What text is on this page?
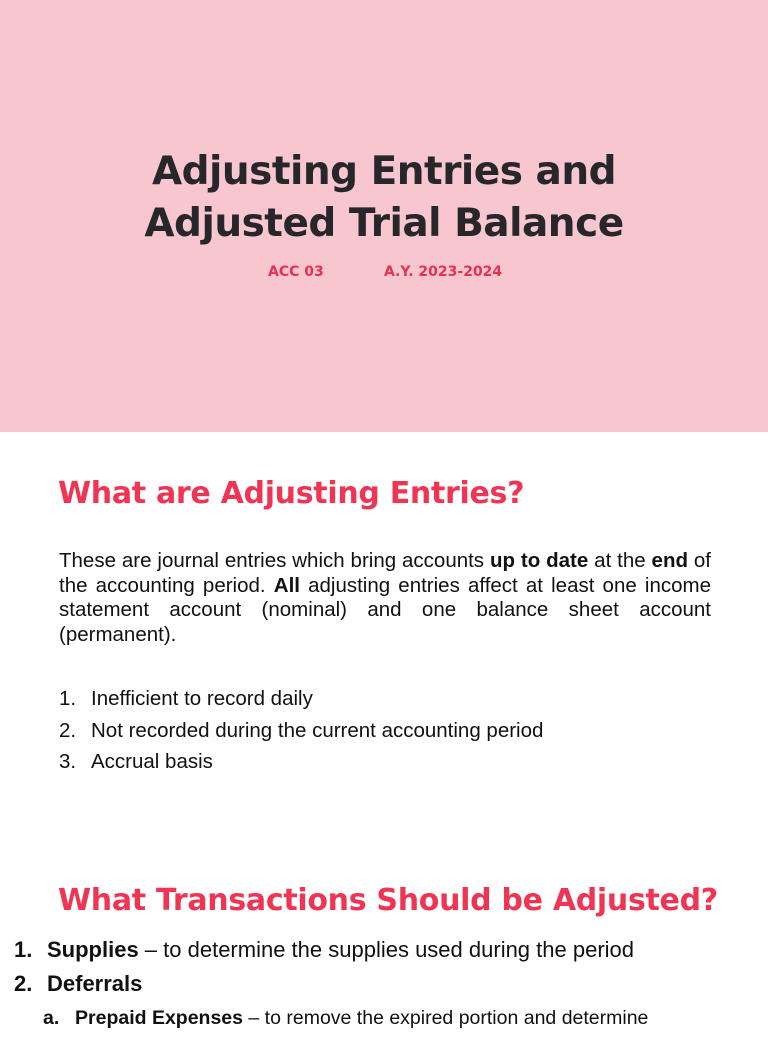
Adjusting Entries and
Adjusted Trial Balance
ACC 03	A.Y. 2023-2024
What are Adjusting Entries?

These are journal entries which bring accounts up to date at the end of the accounting period. All adjusting entries affect at least one income statement account (nominal) and one balance sheet account (permanent).

1. Inefficient to record daily
2. Not recorded during the current accounting period
3. Accrual basis
What Transactions Should be Adjusted?
1. Supplies – to determine the supplies used during the period
2. Deferrals
a. Prepaid Expenses – to remove the expired portion and determine
